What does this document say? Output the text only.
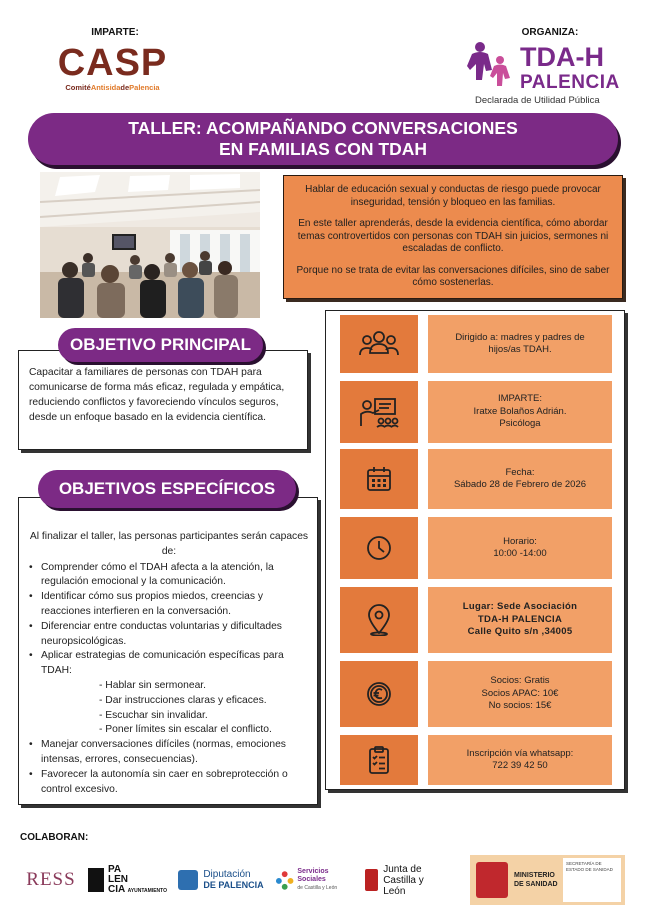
IMPARTE:
CASP
ComitéAntisidadePalencia
ORGANIZA:
TDA-H
PALENCIA
Declarada de Utilidad Pública
TALLER: ACOMPAÑANDO CONVERSACIONES
EN FAMILIAS CON TDAH

Hablar de educación sexual y conductas de riesgo puede provocar inseguridad, tensión y bloqueo en las familias.

En este taller aprenderás, desde la evidencia científica, cómo abordar temas controvertidos con personas con TDAH sin juicios, sermones ni escaladas de conflicto.

Porque no se trata de evitar las conversaciones difíciles, sino de saber cómo sostenerlas.

Capacitar a familiares de personas con TDAH para comunicarse de forma más eficaz, regulada y empática, reduciendo conflictos y favoreciendo vínculos seguros, desde un enfoque basado en la evidencia científica.
OBJETIVO PRINCIPAL
Al finalizar el taller, las personas participantes serán capaces de:
• Comprender cómo el TDAH afecta a la atención, la regulación emocional y la comunicación.
• Identificar cómo sus propios miedos, creencias y reacciones interfieren en la conversación.
• Diferenciar entre conductas voluntarias y dificultades neuropsicológicas.
• Aplicar estrategias de comunicación específicas para TDAH:
- Hablar sin sermonear.
- Dar instrucciones claras y eficaces.
- Escuchar sin invalidar.
- Poner límites sin escalar el conflicto.
• Manejar conversaciones difíciles (normas, emociones intensas, errores, consecuencias).
• Favorecer la autonomía sin caer en sobreprotección o control excesivo.
OBJETIVOS ESPECÍFICOS
Dirigido a: madres y padres de
hijos/as TDAH.
IMPARTE:
Iratxe Bolaños Adrián.
Psicóloga
Fecha:
Sábado 28 de Febrero de 2026
Horario:
10:00 -14:00
Lugar: Sede Asociación
TDA-H PALENCIA
Calle Quito s/n ,34005
Socios: Gratis
Socios APAC: 10€
No socios: 15€
Inscripción vía whatsapp:
722 39 42 50
COLABORAN:
RESS	PA
LEN
CIA AYUNTAMIENTO
Diputación
DE PALENCIA
Servicios Sociales
de Castilla y León
Junta de
Castilla y León
MINISTERIO DE SANIDAD
SECRETARÍA DE ESTADO DE SANIDAD
